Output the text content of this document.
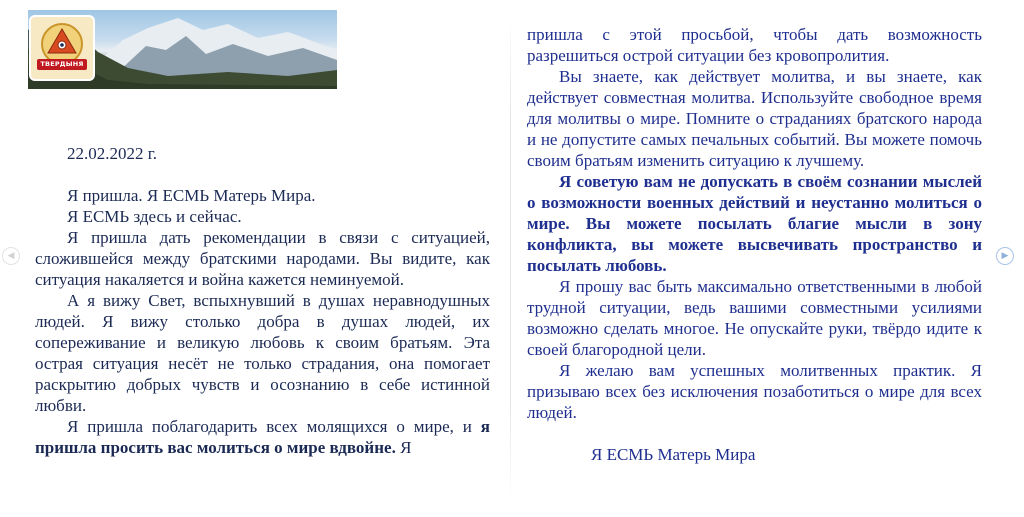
ТВЕРДЫНЯ

22.02.2022 г.

Я пришла. Я ЕСМЬ Матерь Мира.

Я ЕСМЬ здесь и сейчас.

Я пришла дать рекомендации в связи с ситуацией, сложившейся между братскими народами. Вы видите, как ситуация накаляется и война кажется неминуемой.

А я вижу Свет, вспыхнувший в душах неравнодушных людей. Я вижу столько добра в душах людей, их сопереживание и великую любовь к своим братьям. Эта острая ситуация несёт не только страдания, она помогает раскрытию добрых чувств и осознанию в себе истинной любви.

Я пришла поблагодарить всех молящихся о мире, и я пришла просить вас молиться о мире вдвойне. Я

пришла с этой просьбой, чтобы дать возможность разрешиться острой ситуации без кровопролития.

Вы знаете, как действует молитва, и вы знаете, как действует совместная молитва. Используйте свободное время для молитвы о мире. Помните о страданиях братского народа и не допустите самых печальных событий. Вы можете помочь своим братьям изменить ситуацию к лучшему.

Я советую вам не допускать в своём сознании мыслей о возможности военных действий и неустанно молиться о мире. Вы можете посылать благие мысли в зону конфликта, вы можете высвечивать пространство и посылать любовь.

Я прошу вас быть максимально ответственными в любой трудной ситуации, ведь вашими совместными усилиями возможно сделать многое. Не опускайте руки, твёрдо идите к своей благородной цели.

Я желаю вам успешных молитвенных практик. Я призываю всех без исключения позаботиться о мире для всех людей.

Я ЕСМЬ Матерь Мира

◀	▶
